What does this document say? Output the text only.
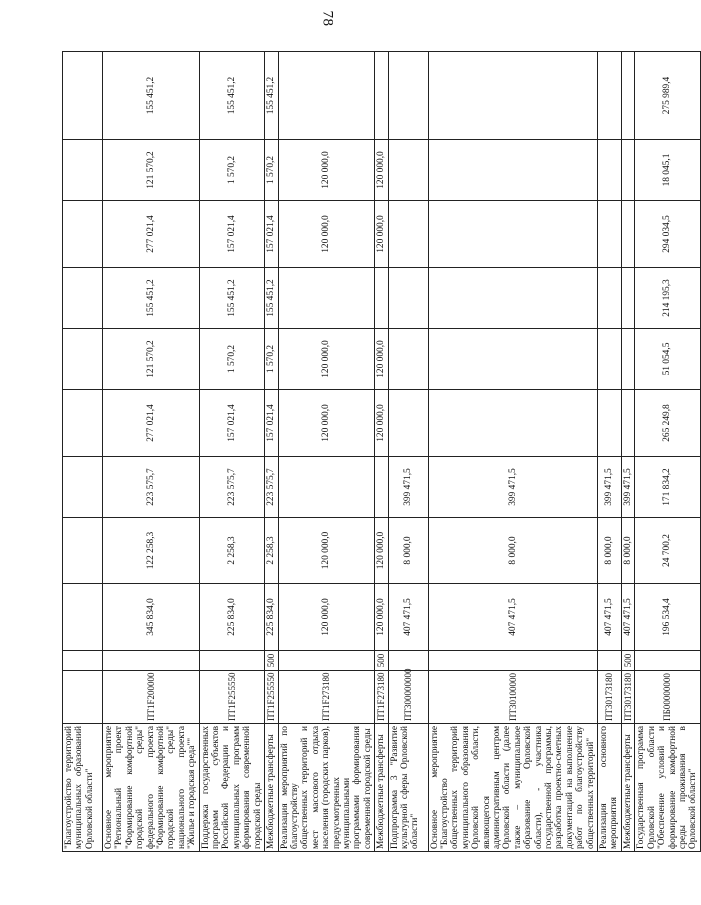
78
"Благоустройство территорий муниципальных образований Орловской области"											
Основное мероприятие "Региональный проект "Формирование комфортной городской среды" федерального проекта "Формирование комфортной городской среды" национального проекта "Жилье и городская среда""	ПТ1F200000		345 834,0	122 258,3	223 575,7	277 021,4	121 570,2	155 451,2	277 021,4	121 570,2	155 451,2
Поддержка государственных программ субъектов Российской Федерации и муниципальных программ формирования современной городской среды	ПТ1F255550		225 834,0	2 258,3	223 575,7	157 021,4	1 570,2	155 451,2	157 021,4	1 570,2	155 451,2
Межбюджетные трансферты	ПТ1F255550	500	225 834,0	2 258,3	223 575,7	157 021,4	1 570,2	155 451,2	157 021,4	1 570,2	155 451,2
Реализация мероприятий по благоустройству общественных территорий и мест массового отдыха населения (городских парков), предусмотренных муниципальными программами формирования современной городской среды	ПТ1F273180		120 000,0	120 000,0		120 000,0	120 000,0		120 000,0	120 000,0	
Межбюджетные трансферты	ПТ1F273180	500	120 000,0	120 000,0		120 000,0	120 000,0		120 000,0	120 000,0	
Подпрограмма 3 "Развитие культурной сферы Орловской области"	ПТ300000000		407 471,5	8 000,0	399 471,5						
Основное мероприятие "Благоустройство общественных территорий муниципального образования Орловской области, являющегося административным центром Орловской области (далее также – муниципальное образование Орловской области), - участника государственной программы, разработка проектно-сметных документаций на выполнение работ по благоустройству общественных территорий"	ПТ30100000		407 471,5	8 000,0	399 471,5						
Реализация основного мероприятия	ПТ30173180		407 471,5	8 000,0	399 471,5						
Межбюджетные трансферты	ПТ30173180	500	407 471,5	8 000,0	399 471,5						
Государственная программа Орловской области "Обеспечение условий и формирование комфортной среды проживания в Орловской области"	ПБ00000000		196 534,4	24 700,2	171 834,2	265 249,8	51 054,5	214 195,3	294 034,5	18 045,1	275 989,4
